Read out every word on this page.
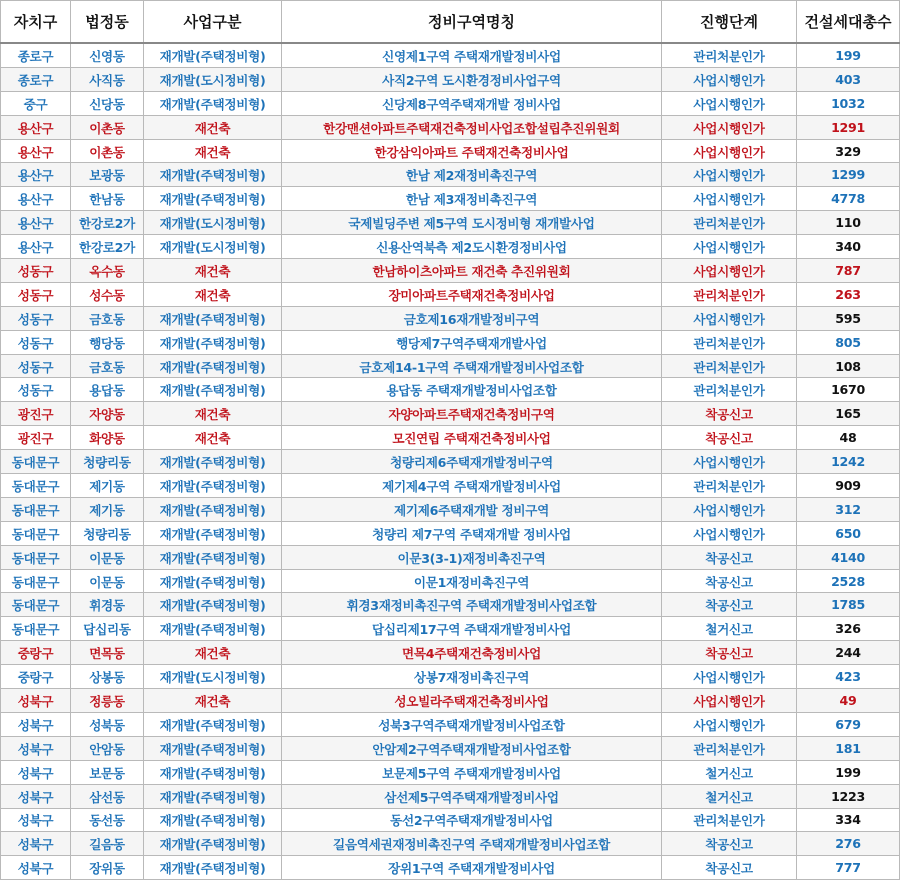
자치구	법정동	사업구분	정비구역명칭	진행단계	건설세대총수
종로구	신영동	재개발(주택정비형)	신영제1구역 주택재개발정비사업	관리처분인가	199
종로구	사직동	재개발(도시정비형)	사직2구역 도시환경정비사업구역	사업시행인가	403
중구	신당동	재개발(주택정비형)	신당제8구역주택재개발 정비사업	사업시행인가	1032
용산구	이촌동	재건축	한강맨션아파트주택재건축정비사업조합설립추진위원회	사업시행인가	1291
용산구	이촌동	재건축	한강삼익아파트 주택재건축정비사업	사업시행인가	329
용산구	보광동	재개발(주택정비형)	한남 제2재정비촉진구역	사업시행인가	1299
용산구	한남동	재개발(주택정비형)	한남 제3재정비촉진구역	사업시행인가	4778
용산구	한강로2가	재개발(도시정비형)	국제빌딩주변 제5구역 도시정비형 재개발사업	관리처분인가	110
용산구	한강로2가	재개발(도시정비형)	신용산역북측 제2도시환경정비사업	사업시행인가	340
성동구	옥수동	재건축	한남하이츠아파트 재건축 추진위원회	사업시행인가	787
성동구	성수동	재건축	장미아파트주택재건축정비사업	관리처분인가	263
성동구	금호동	재개발(주택정비형)	금호제16재개발정비구역	사업시행인가	595
성동구	행당동	재개발(주택정비형)	행당제7구역주택재개발사업	관리처분인가	805
성동구	금호동	재개발(주택정비형)	금호제14-1구역 주택재개발정비사업조합	관리처분인가	108
성동구	용답동	재개발(주택정비형)	용답동 주택재개발정비사업조합	관리처분인가	1670
광진구	자양동	재건축	자양아파트주택재건축정비구역	착공신고	165
광진구	화양동	재건축	모진연립 주택재건축정비사업	착공신고	48
동대문구	청량리동	재개발(주택정비형)	청량리제6주택재개발정비구역	사업시행인가	1242
동대문구	제기동	재개발(주택정비형)	제기제4구역 주택재개발정비사업	관리처분인가	909
동대문구	제기동	재개발(주택정비형)	제기제6주택재개발 정비구역	사업시행인가	312
동대문구	청량리동	재개발(주택정비형)	청량리 제7구역 주택재개발 정비사업	사업시행인가	650
동대문구	이문동	재개발(주택정비형)	이문3(3-1)재정비촉진구역	착공신고	4140
동대문구	이문동	재개발(주택정비형)	이문1재정비촉진구역	착공신고	2528
동대문구	휘경동	재개발(주택정비형)	휘경3재정비촉진구역 주택재개발정비사업조합	착공신고	1785
동대문구	답십리동	재개발(주택정비형)	답십리제17구역 주택재개발정비사업	철거신고	326
중랑구	면목동	재건축	면목4주택재건축정비사업	착공신고	244
중랑구	상봉동	재개발(도시정비형)	상봉7재정비촉진구역	사업시행인가	423
성북구	정릉동	재건축	성오빌라주택재건축정비사업	사업시행인가	49
성북구	성북동	재개발(주택정비형)	성북3구역주택재개발정비사업조합	사업시행인가	679
성북구	안암동	재개발(주택정비형)	안암제2구역주택재개발정비사업조합	관리처분인가	181
성북구	보문동	재개발(주택정비형)	보문제5구역 주택재개발정비사업	철거신고	199
성북구	삼선동	재개발(주택정비형)	삼선제5구역주택재개발정비사업	철거신고	1223
성북구	동선동	재개발(주택정비형)	동선2구역주택재개발정비사업	관리처분인가	334
성북구	길음동	재개발(주택정비형)	길음역세권재정비촉진구역 주택재개발정비사업조합	착공신고	276
성북구	장위동	재개발(주택정비형)	장위1구역 주택재개발정비사업	착공신고	777
